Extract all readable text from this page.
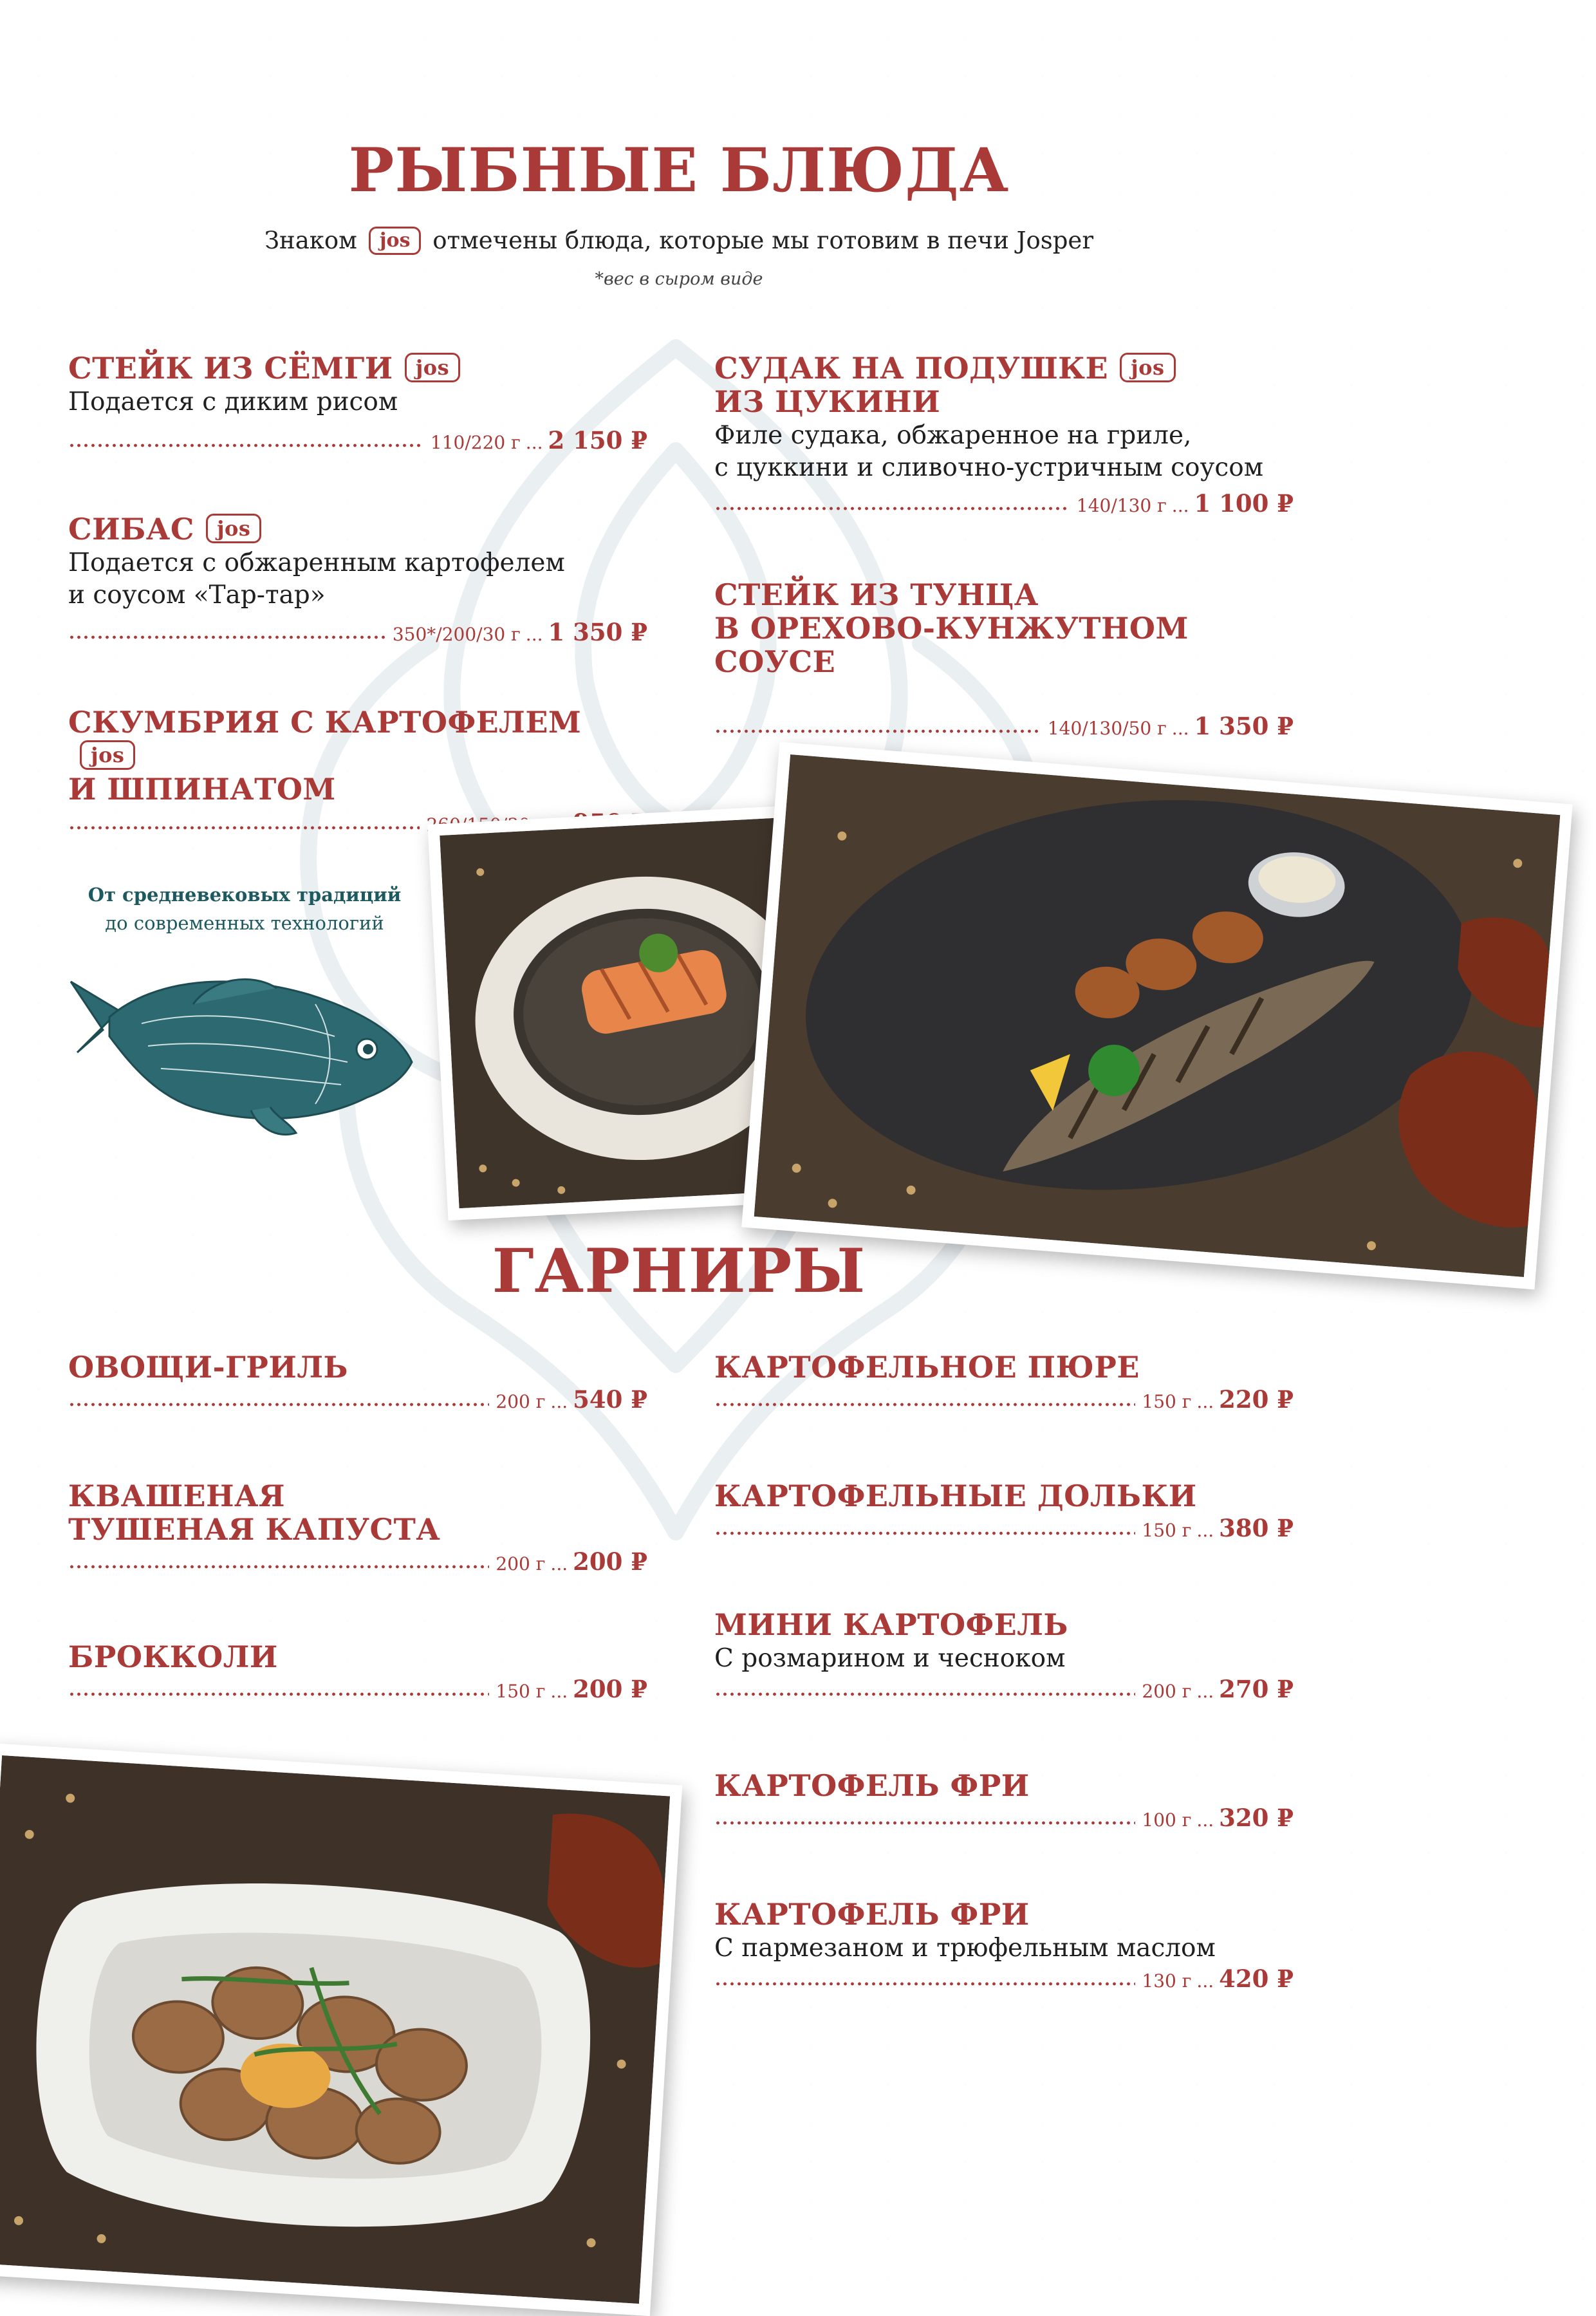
РЫБНЫЕ БЛЮДА
Знаком jos отмечены блюда, которые мы готовим в печи Josper
*вес в сыром виде
СТЕЙК ИЗ СЁМГИ jos
Подается с диким рисом
110/220 г ... 2 150 ₽
СИБАС jos
Подается с обжаренным картофелем
и соусом «Тар-тар»
350*/200/30 г ... 1 350 ₽
СКУМБРИЯ С КАРТОФЕЛЕМjos
И ШПИНАТОМ
СУДАК НА ПОДУШКЕ jos
ИЗ ЦУКИНИ
Филе судака, обжаренное на гриле,
с цуккини и сливочно-устричным соусом
140/130 г ... 1 100 ₽
СТЕЙК ИЗ ТУНЦА
В ОРЕХОВО-КУНЖУТНОМ СОУСЕ
140/130/50 г ... 1 350 ₽
От средневековых традиций
до современных технологий
ГАРНИРЫ
ОВОЩИ-ГРИЛЬ
200 г ... 540 ₽
КВАШЕНАЯ
ТУШЕНАЯ КАПУСТА
200 г ... 200 ₽
БРОККОЛИ
150 г ... 200 ₽
КАРТОФЕЛЬНОЕ ПЮРЕ
150 г ... 220 ₽
КАРТОФЕЛЬНЫЕ ДОЛЬКИ
150 г ... 380 ₽
МИНИ КАРТОФЕЛЬ
С розмарином и чесноком
200 г ... 270 ₽
КАРТОФЕЛЬ ФРИ
100 г ... 320 ₽
КАРТОФЕЛЬ ФРИ
С пармезаном и трюфельным маслом
130 г ... 420 ₽
